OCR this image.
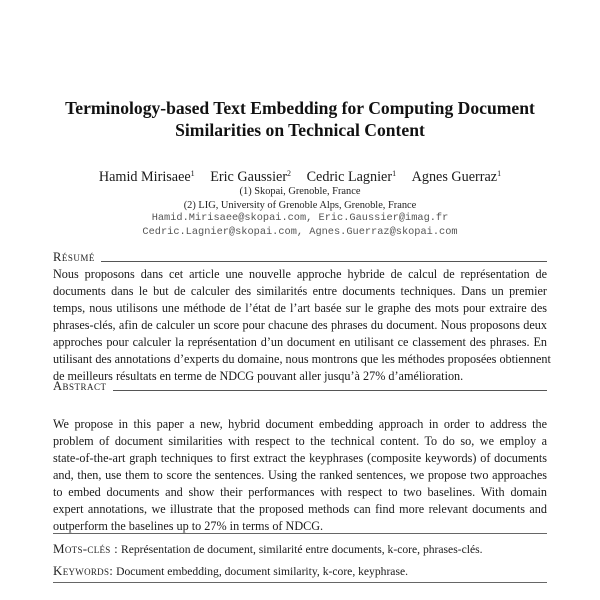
Terminology-based Text Embedding for Computing Document
Similarities on Technical Content
Hamid Mirisaee$^1$ Eric Gaussier$^2$ Cedric Lagnier$^1$ Agnes Guerraz$^1$
(1) Skopai, Grenoble, France
(2) LIG, University of Grenoble Alps, Grenoble, France
Hamid.Mirisaee@skopai.com, Eric.Gaussier@imag.fr
Cedric.Lagnier@skopai.com, Agnes.Guerraz@skopai.com
Résumé
Nous proposons dans cet article une nouvelle approche hybride de calcul de représentation de
documents dans le but de calculer des similarités entre documents techniques. Dans un premier
temps, nous utilisons une méthode de l’état de l’art basée sur le graphe des mots pour extraire des
phrases-clés, afin de calculer un score pour chacune des phrases du document. Nous proposons deux
approches pour calculer la représentation d’un document en utilisant ce classement des phrases. En
utilisant des annotations d’experts du domaine, nous montrons que les méthodes proposées obtiennent
de meilleurs résultats en terme de NDCG pouvant aller jusqu’à 27% d’amélioration.
Abstract
We propose in this paper a new, hybrid document embedding approach in order to address the
problem of document similarities with respect to the technical content. To do so, we employ a
state-of-the-art graph techniques to first extract the keyphrases (composite keywords) of documents
and, then, use them to score the sentences. Using the ranked sentences, we propose two approaches
to embed documents and show their performances with respect to two baselines. With domain
expert annotations, we illustrate that the proposed methods can find more relevant documents and
outperform the baselines up to 27% in terms of NDCG.
Mots-clés : Représentation de document, similarité entre documents, k-core, phrases-clés.
Keywords: Document embedding, document similarity, k-core, keyphrase.
